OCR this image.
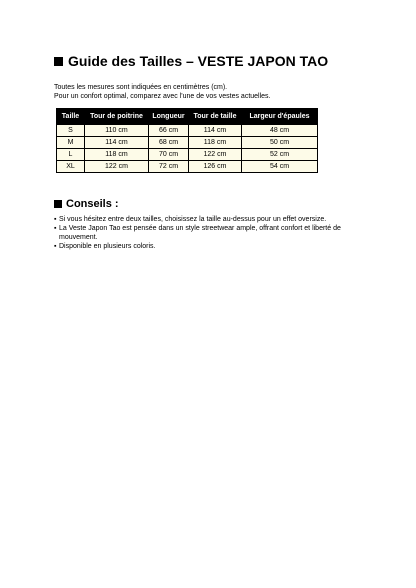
Guide des Tailles – VESTE JAPON TAO
Toutes les mesures sont indiquées en centimètres (cm).
Pour un confort optimal, comparez avec l'une de vos vestes actuelles.
Taille	Tour de poitrine	Longueur	Tour de taille	Largeur d'épaules
S	110 cm	66 cm	114 cm	48 cm
M	114 cm	68 cm	118 cm	50 cm
L	118 cm	70 cm	122 cm	52 cm
XL	122 cm	72 cm	126 cm	54 cm
Conseils :
▪ Si vous hésitez entre deux tailles, choisissez la taille au-dessus pour un effet oversize.
▪ La Veste Japon Tao est pensée dans un style streetwear ample, offrant confort et liberté de mouvement.
▪ Disponible en plusieurs coloris.
